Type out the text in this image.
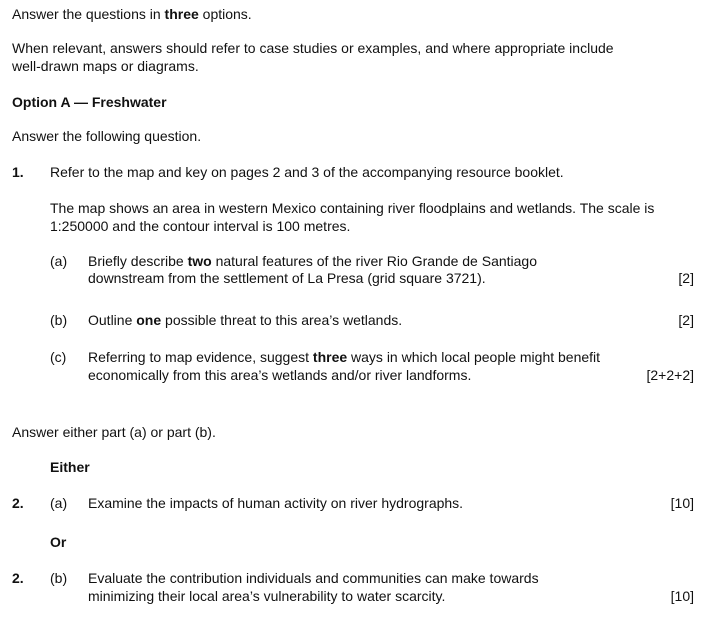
Answer the questions in three options.
When relevant, answers should refer to case studies or examples, and where appropriate include
well-drawn maps or diagrams.
Option A — Freshwater
Answer the following question.
1. Refer to the map and key on pages 2 and 3 of the accompanying resource booklet.
The map shows an area in western Mexico containing river floodplains and wetlands. The scale is
1:250000 and the contour interval is 100 metres.
(a) Briefly describe two natural features of the river Rio Grande de Santiago
downstream from the settlement of La Presa (grid square 3721).	[2]
(b) Outline one possible threat to this area’s wetlands.	[2]
(c) Referring to map evidence, suggest three ways in which local people might benefit
economically from this area’s wetlands and/or river landforms.	[2+2+2]
Answer either part (a) or part (b).
Either
2. (a) Examine the impacts of human activity on river hydrographs.	[10]
Or
2. (b) Evaluate the contribution individuals and communities can make towards
minimizing their local area’s vulnerability to water scarcity.	[10]
